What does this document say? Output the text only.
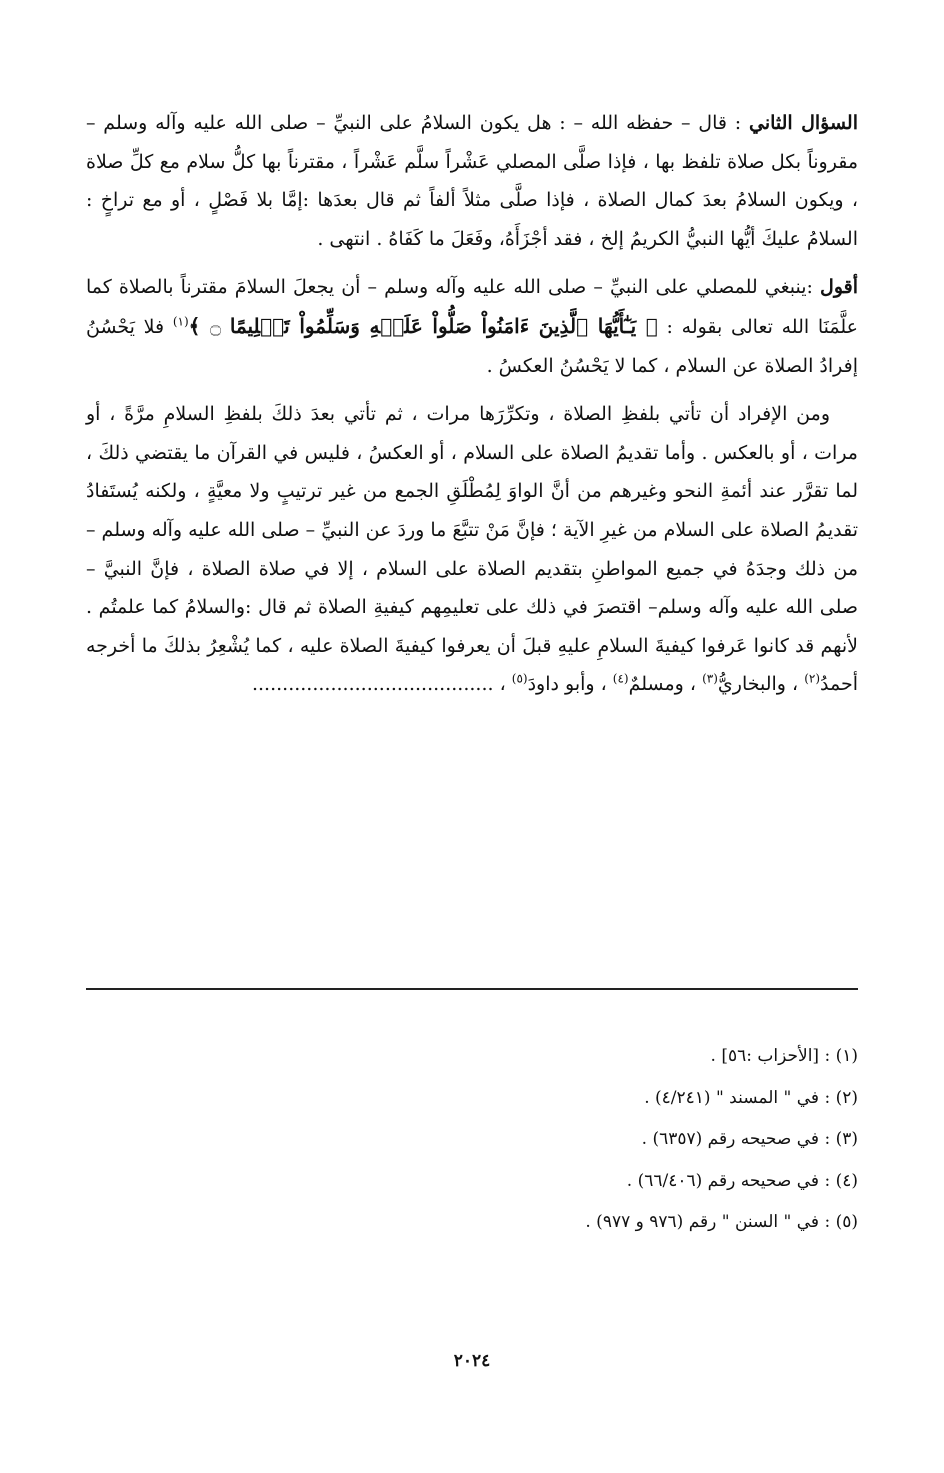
السؤال الثاني : قال – حفظه الله – : هل يكون السلامُ على النبيِّ – صلى الله عليه وآله وسلم – مقروناً بكل صلاة تلفظ بها ، فإذا صلَّى المصلي عَشْراً سلَّم عَشْراً ، مقترناً بها كلُّ سلام مع كلِّ صلاة ، ويكون السلامُ بعدَ كمال الصلاة ، فإذا صلَّى مثلاً ألفاً ثم قال بعدَها :إمَّا بلا فَصْلٍ ، أو مع تراخٍ : السلامُ عليكَ أيُّها النبيُّ الكريمُ إلخ ، فقد أجْزَأَهُ، وفَعَلَ ما كَفَاهُ . انتهى .

أقول :ينبغي للمصلي على النبيِّ – صلى الله عليه وآله وسلم – أن يجعلَ السلامَ مقترناً بالصلاة كما علَّمَنَا الله تعالى بقوله : ﴿ يَـٰٓأَيُّهَا ٱلَّذِينَ ءَامَنُواْ صَلُّواْ عَلَيۡهِ وَسَلِّمُواْ تَسۡلِيمًا ۝ ﴾$^{(١)}$ فلا يَحْسُنُ إفرادُ الصلاة عن السلام ، كما لا يَحْسُنُ العكسُ .

ومن الإفراد أن تأتي بلفظِ الصلاة ، وتكرِّرَها مرات ، ثم تأتي بعدَ ذلكَ بلفظِ السلامِ مرَّةً ، أو مرات ، أو بالعكس . وأما تقديمُ الصلاة على السلام ، أو العكسُ ، فليس في القرآن ما يقتضي ذلكَ ، لما تقرَّر عند أئمةِ النحو وغيرهم من أنَّ الواوَ لِمُطْلَقِ الجمع من غير ترتيبٍ ولا معيَّةٍ ، ولكنه يُستَفادُ تقديمُ الصلاة على السلام من غيرِ الآية ؛ فإنَّ مَنْ تتبَّعَ ما وردَ عن النبيِّ – صلى الله عليه وآله وسلم – من ذلك وجدَهُ في جميع المواطنِ بتقديم الصلاة على السلام ، إلا في صلاة الصلاة ، فإنَّ النبيَّ – صلى الله عليه وآله وسلم– اقتصرَ في ذلك على تعليمِهم كيفيةِ الصلاة ثم قال :والسلامُ كما علمتُم . لأنهم قد كانوا عَرفوا كيفيةَ السلامِ عليهِ قبلَ أن يعرفوا كيفيةَ الصلاة عليه ، كما يُشْعِرُ بذلكَ ما أخرجه أحمدُ$^{(٢)}$ ، والبخاريُّ$^{(٣)}$ ، ومسلمٌ$^{(٤)}$ ، وأبو داودَ$^{(٥)}$ ، ........................................

(١) : [الأحزاب :٥٦] .
(٢) : في " المسند " (٤/٢٤١) .
(٣) : في صحيحه رقم (٦٣٥٧) .
(٤) : في صحيحه رقم (٦٦/٤٠٦) .
(٥) : في " السنن " رقم (٩٧٦ و ٩٧٧) .
٢٠٢٤
